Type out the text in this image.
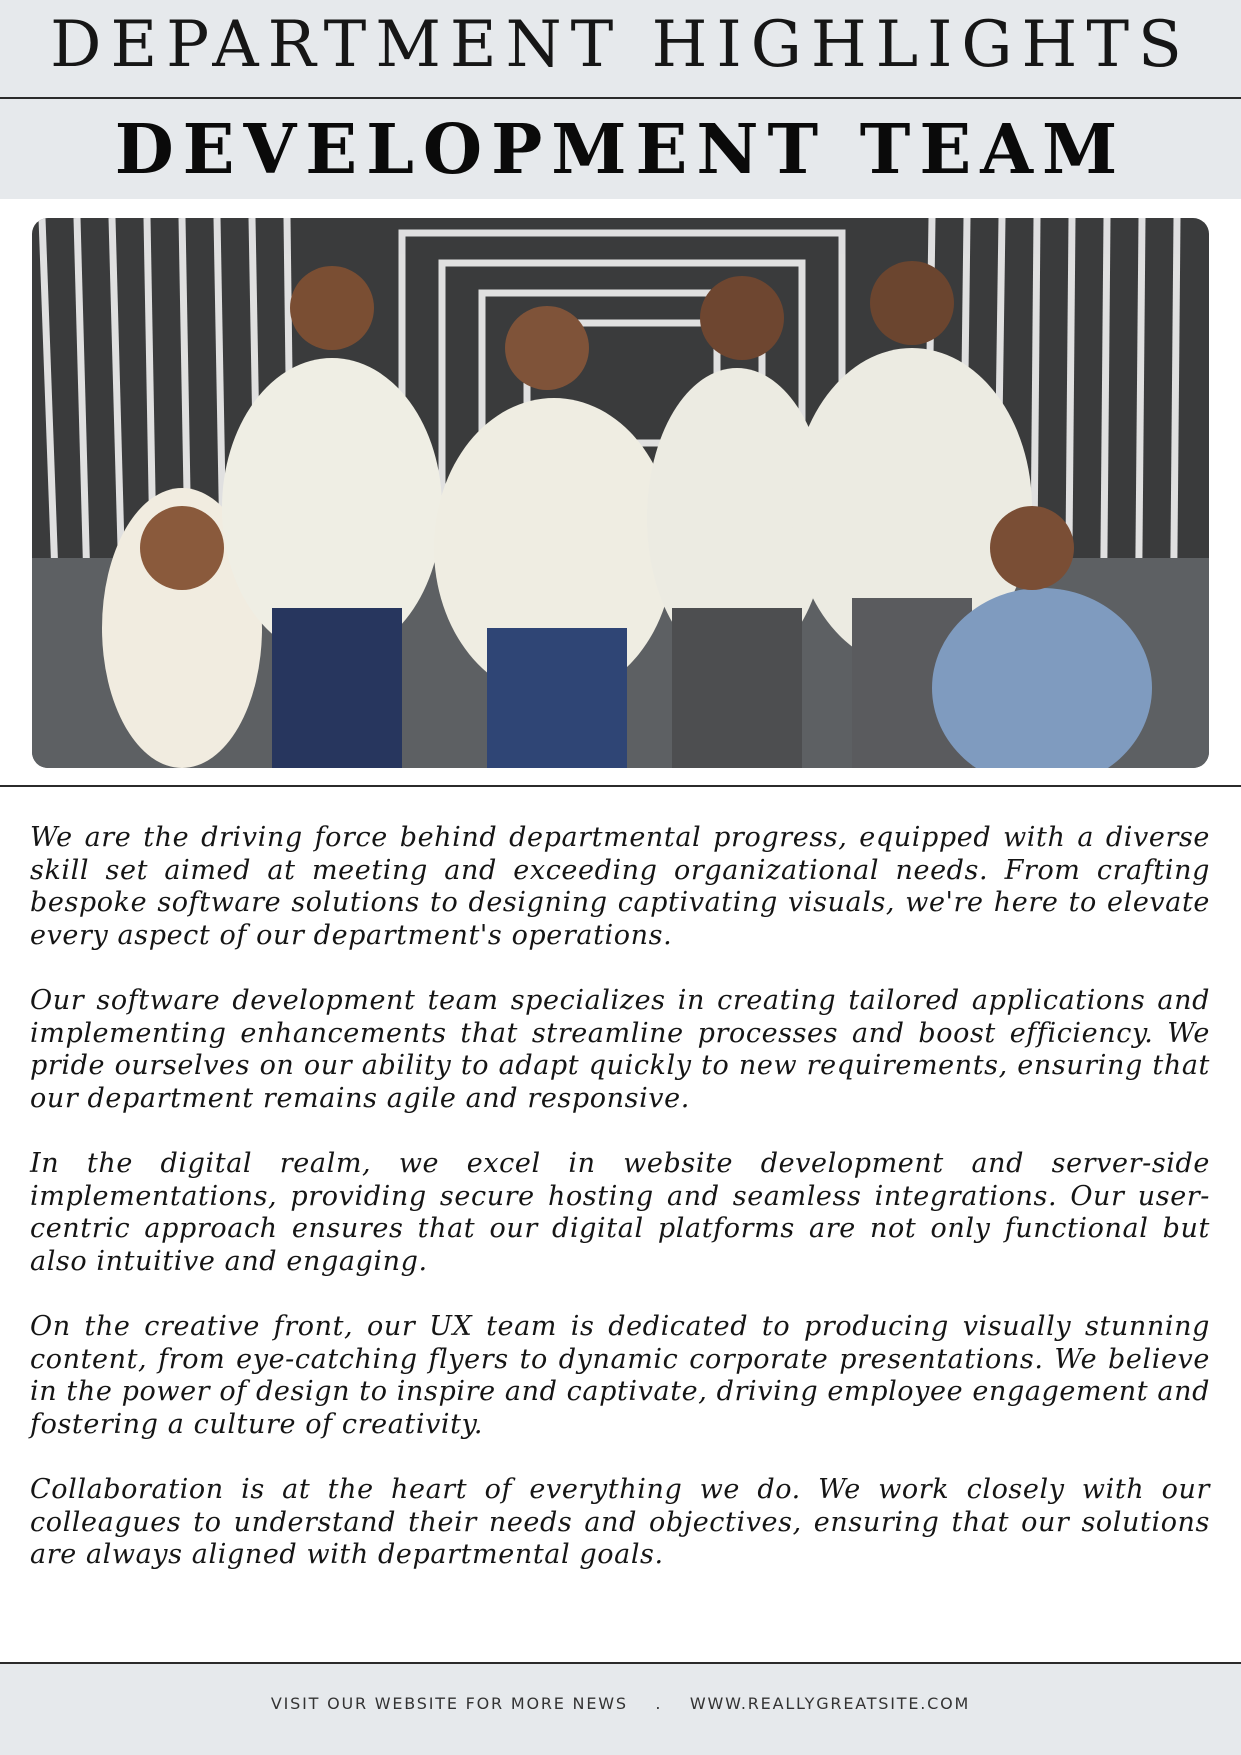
DEPARTMENT HIGHLIGHTS
DEVELOPMENT TEAM

We are the driving force behind departmental progress, equipped with a diverse skill set aimed at meeting and exceeding organizational needs. From crafting bespoke software solutions to designing captivating visuals, we're here to elevate every aspect of our department's operations.

Our software development team specializes in creating tailored applications and implementing enhancements that streamline processes and boost efficiency. We pride ourselves on our ability to adapt quickly to new requirements, ensuring that our department remains agile and responsive.

In the digital realm, we excel in website development and server-side implementations, providing secure hosting and seamless integrations. Our user-centric approach ensures that our digital platforms are not only functional but also intuitive and engaging.

On the creative front, our UX team is dedicated to producing visually stunning content, from eye-catching flyers to dynamic corporate presentations. We believe in the power of design to inspire and captivate, driving employee engagement and fostering a culture of creativity.

Collaboration is at the heart of everything we do. We work closely with our colleagues to understand their needs and objectives, ensuring that our solutions are always aligned with departmental goals.

VISIT OUR WEBSITE FOR MORE NEWS . WWW.REALLYGREATSITE.COM
